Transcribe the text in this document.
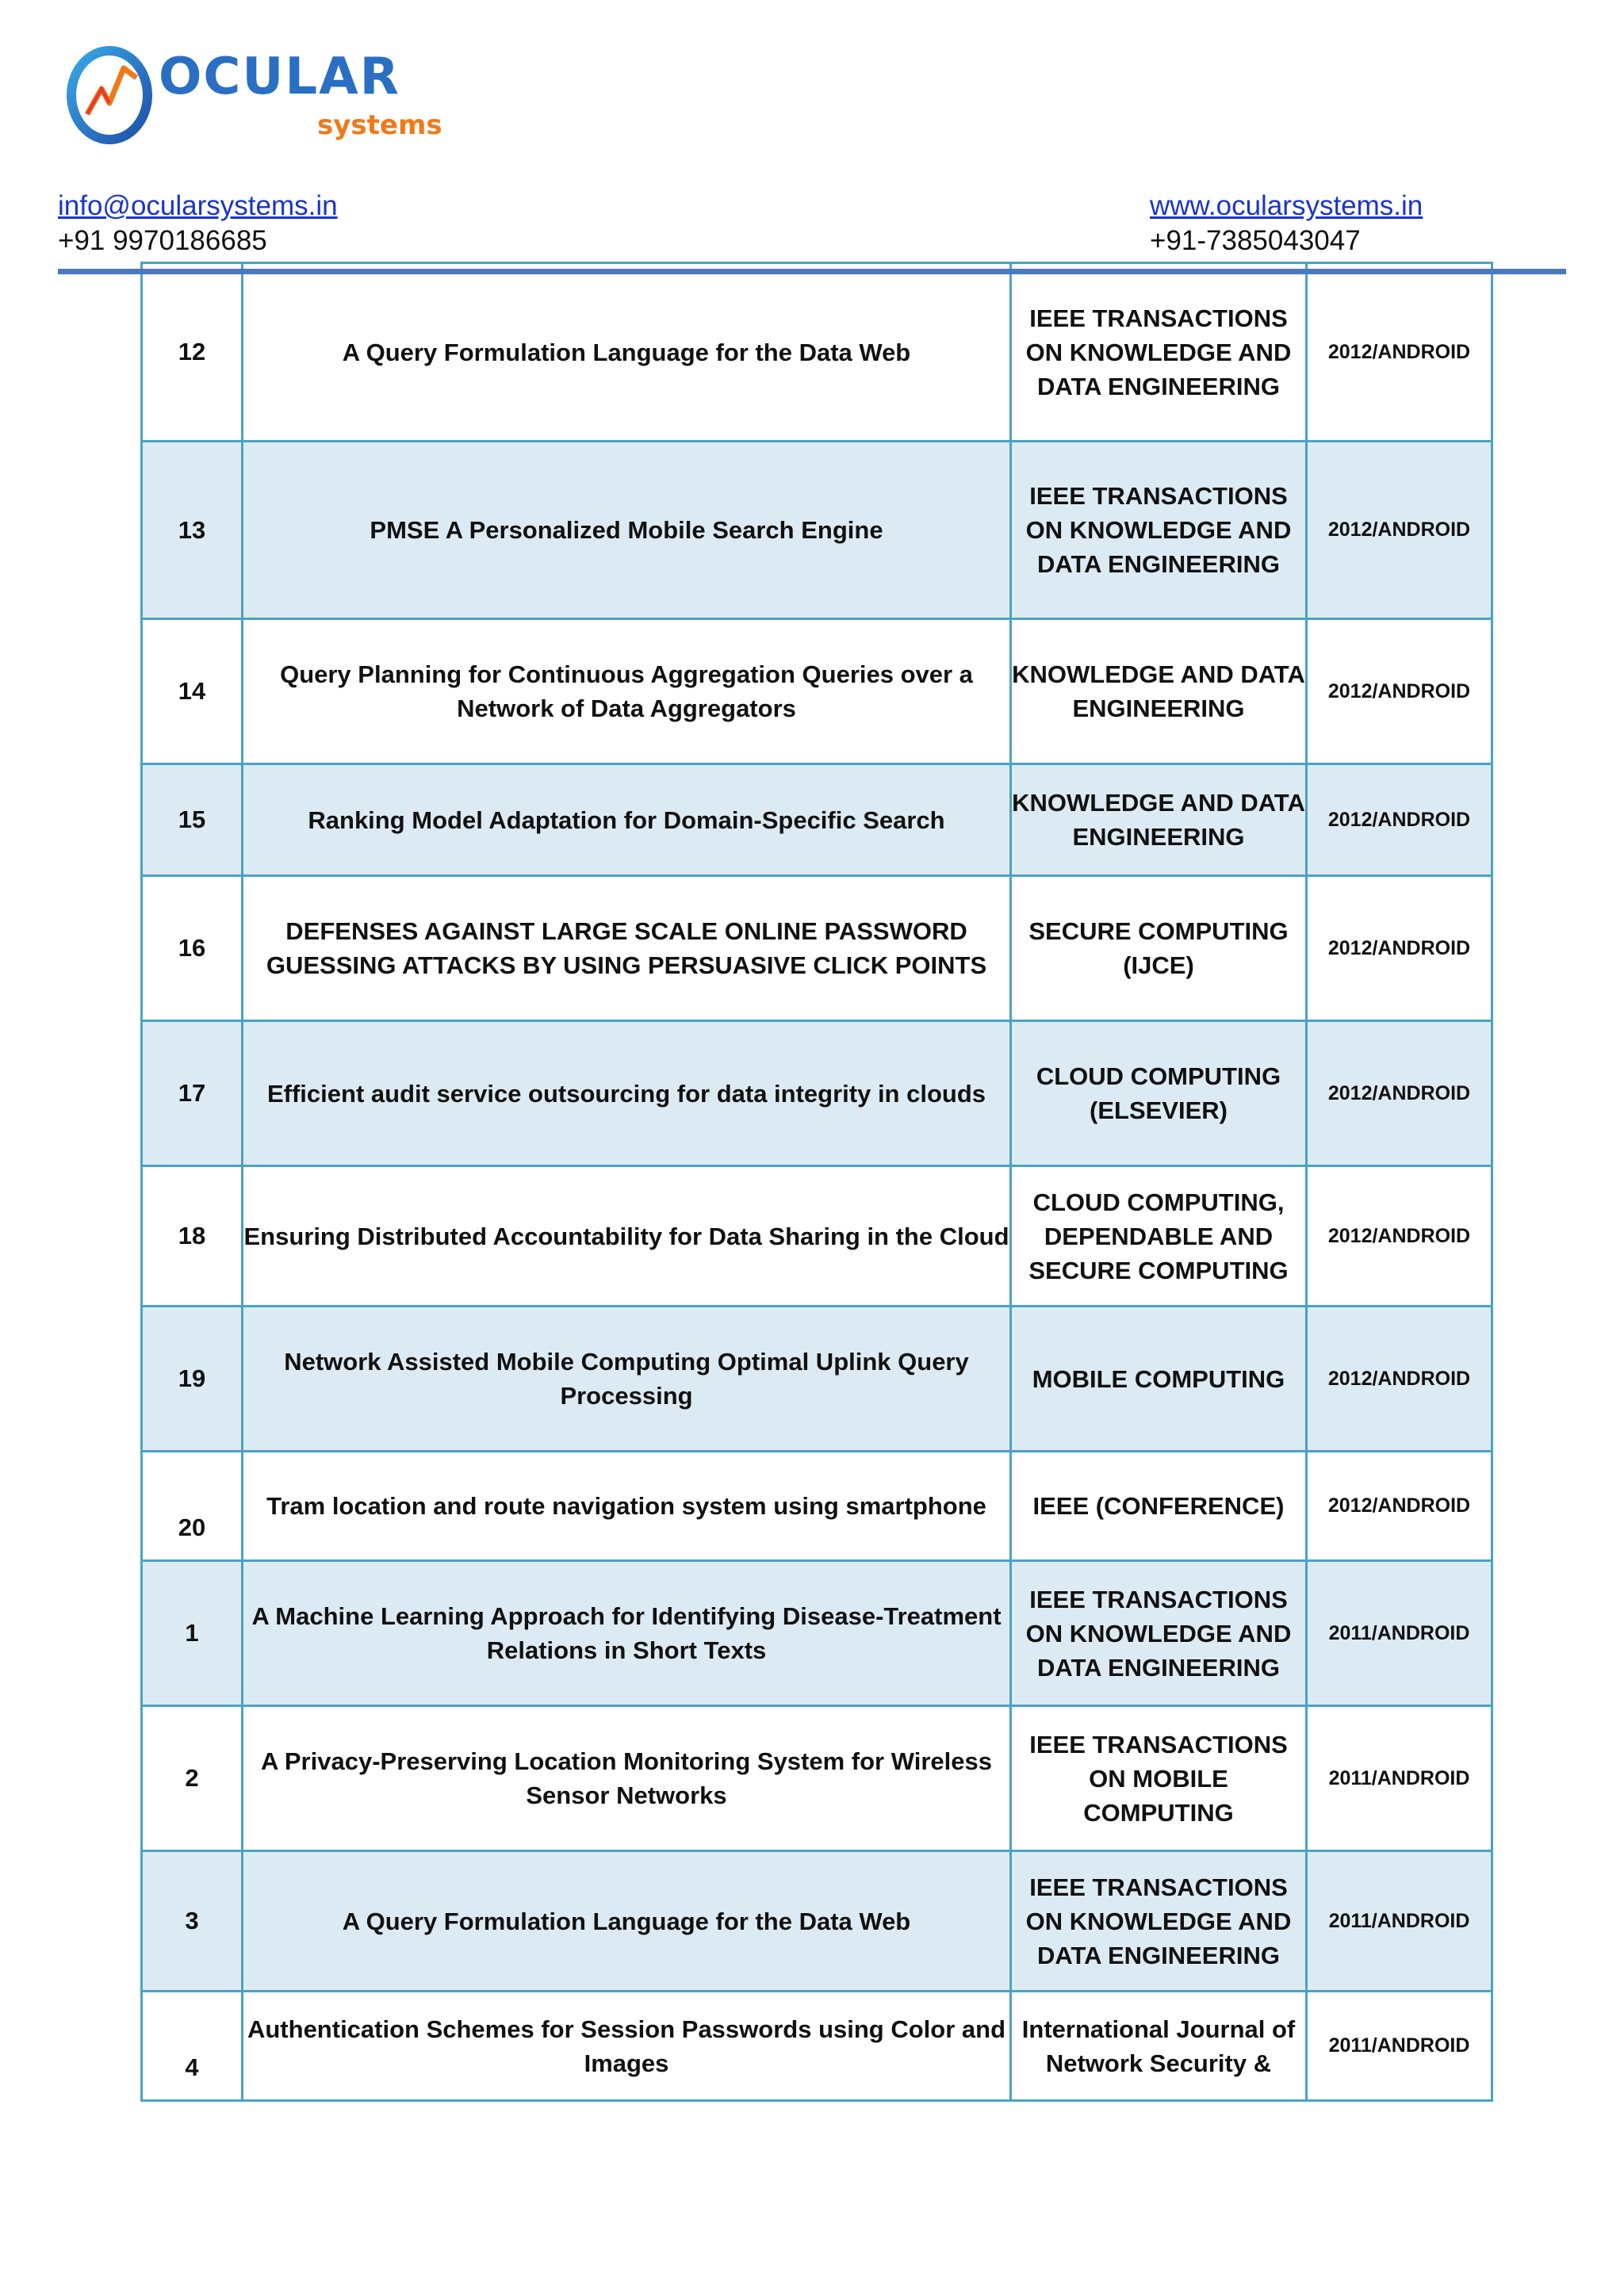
OCULAR
systems
info@ocularsystems.in
+91 9970186685
www.ocularsystems.in
+91-7385043047
12	A Query Formulation Language for the Data Web	IEEE TRANSACTIONS ON KNOWLEDGE AND DATA ENGINEERING	2012/ANDROID
13	PMSE A Personalized Mobile Search Engine	IEEE TRANSACTIONS ON KNOWLEDGE AND DATA ENGINEERING	2012/ANDROID
14	Query Planning for Continuous Aggregation Queries over a Network of Data Aggregators	KNOWLEDGE AND DATA ENGINEERING	2012/ANDROID
15	Ranking Model Adaptation for Domain-Specific Search	KNOWLEDGE AND DATA ENGINEERING	2012/ANDROID
16	DEFENSES AGAINST LARGE SCALE ONLINE PASSWORD GUESSING ATTACKS BY USING PERSUASIVE CLICK POINTS	SECURE COMPUTING (IJCE)	2012/ANDROID
17	Efficient audit service outsourcing for data integrity in clouds	CLOUD COMPUTING (ELSEVIER)	2012/ANDROID
18	Ensuring Distributed Accountability for Data Sharing in the Cloud	CLOUD COMPUTING, DEPENDABLE AND SECURE COMPUTING	2012/ANDROID
19	Network Assisted Mobile Computing Optimal Uplink Query Processing	MOBILE COMPUTING	2012/ANDROID
20	Tram location and route navigation system using smartphone	IEEE (CONFERENCE)	2012/ANDROID
1	A Machine Learning Approach for Identifying Disease-Treatment Relations in Short Texts	IEEE TRANSACTIONS ON KNOWLEDGE AND DATA ENGINEERING	2011/ANDROID
2	A Privacy-Preserving Location Monitoring System for Wireless Sensor Networks	IEEE TRANSACTIONS ON MOBILE COMPUTING	2011/ANDROID
3	A Query Formulation Language for the Data Web	IEEE TRANSACTIONS ON KNOWLEDGE AND DATA ENGINEERING	2011/ANDROID
4	Authentication Schemes for Session Passwords using Color and Images	International Journal of Network Security &	2011/ANDROID
